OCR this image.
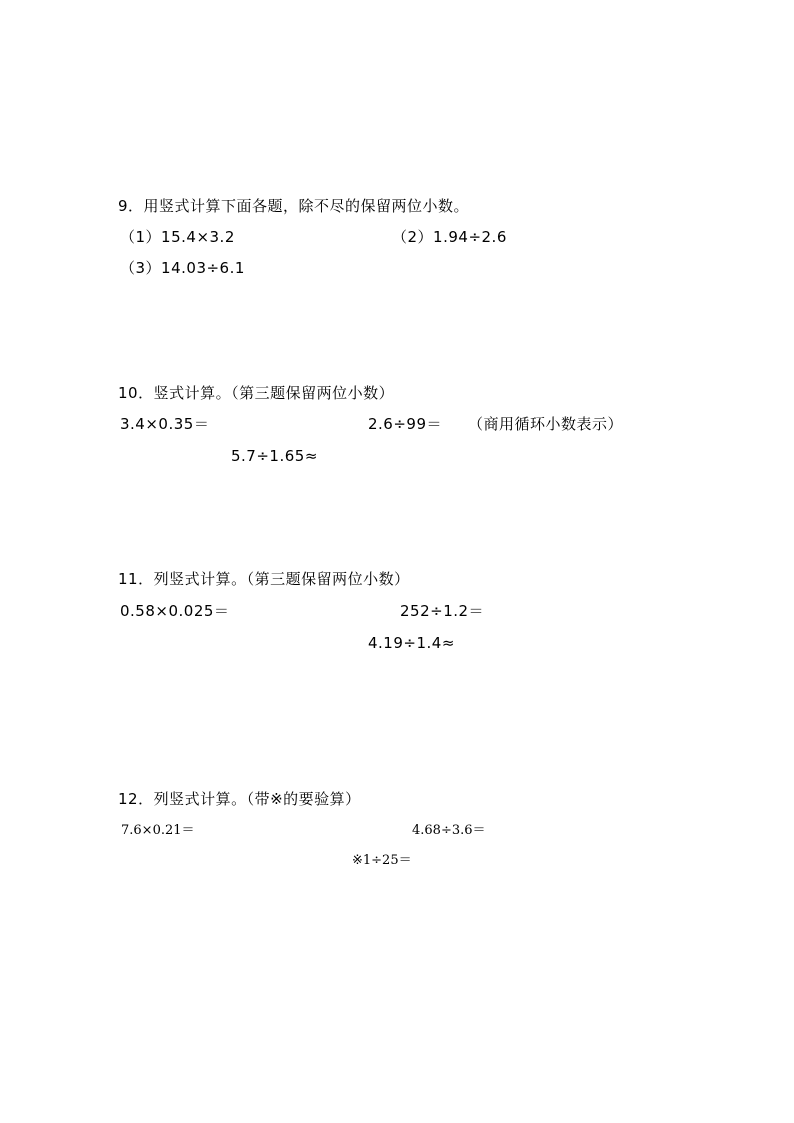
9．用竖式计算下面各题，除不尽的保留两位小数。
（1）15.4×3.2	（2）1.94÷2.6
（3）14.03÷6.1
10．竖式计算。（第三题保留两位小数）
3.4×0.35＝	2.6÷99＝ （商用循环小数表示）
5.7÷1.65≈
11．列竖式计算。（第三题保留两位小数）
0.58×0.025＝	252÷1.2＝
4.19÷1.4≈
12．列竖式计算。（带※的要验算）
7.6×0.21＝	4.68÷3.6＝
※1÷25＝
